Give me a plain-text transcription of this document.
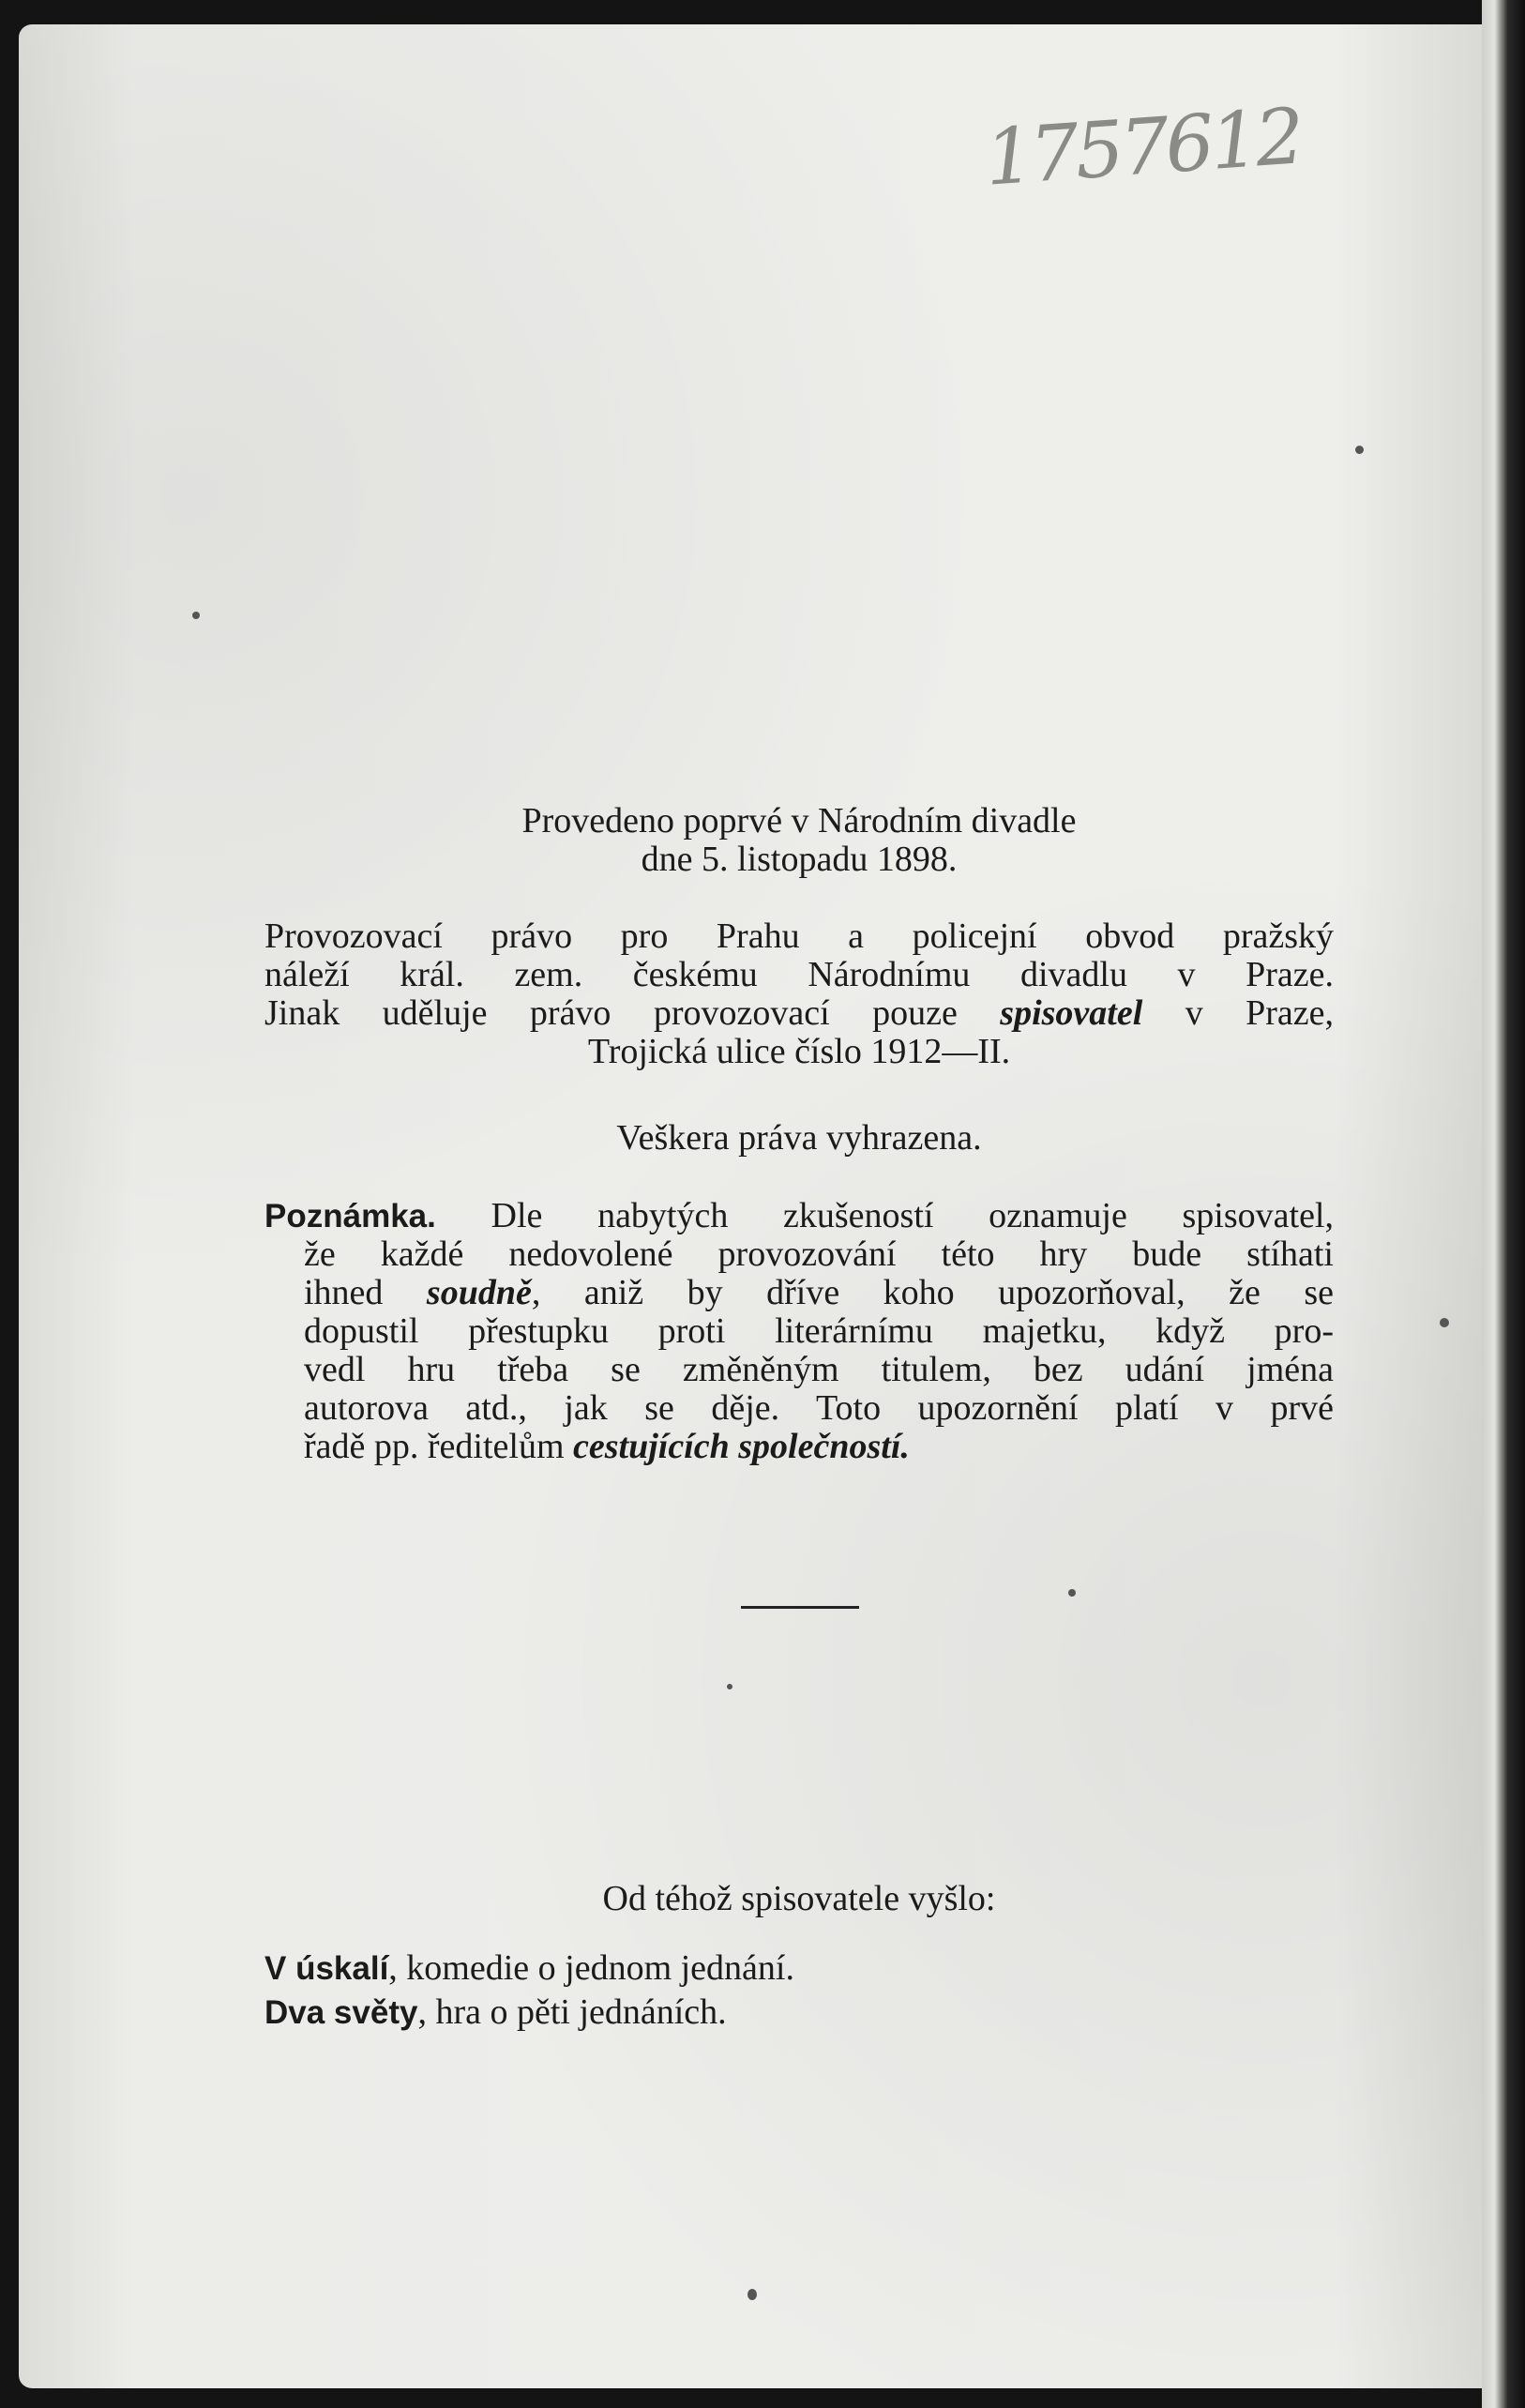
1757612
Provedeno poprvé v Národním divadle
dne 5. listopadu 1898.
Provozovací právo pro Prahu a policejní obvod pražský
náleží král. zem. českému Národnímu divadlu v Praze.
Jinak uděluje právo provozovací pouze spisovatel v Praze,
Trojická ulice číslo 1912—II.
Veškera práva vyhrazena.
Poznámka. Dle nabytých zkušeností oznamuje spisovatel,
že každé nedovolené provozování této hry bude stíhati
ihned soudně, aniž by dříve koho upozorňoval, že se
dopustil přestupku proti literárnímu majetku, když pro-
vedl hru třeba se změněným titulem, bez udání jména
autorova atd., jak se děje. Toto upozornění platí v prvé
řadě pp. ředitelům cestujících společností.
Od téhož spisovatele vyšlo:
V úskalí, komedie o jednom jednání.
Dva světy, hra o pěti jednáních.
